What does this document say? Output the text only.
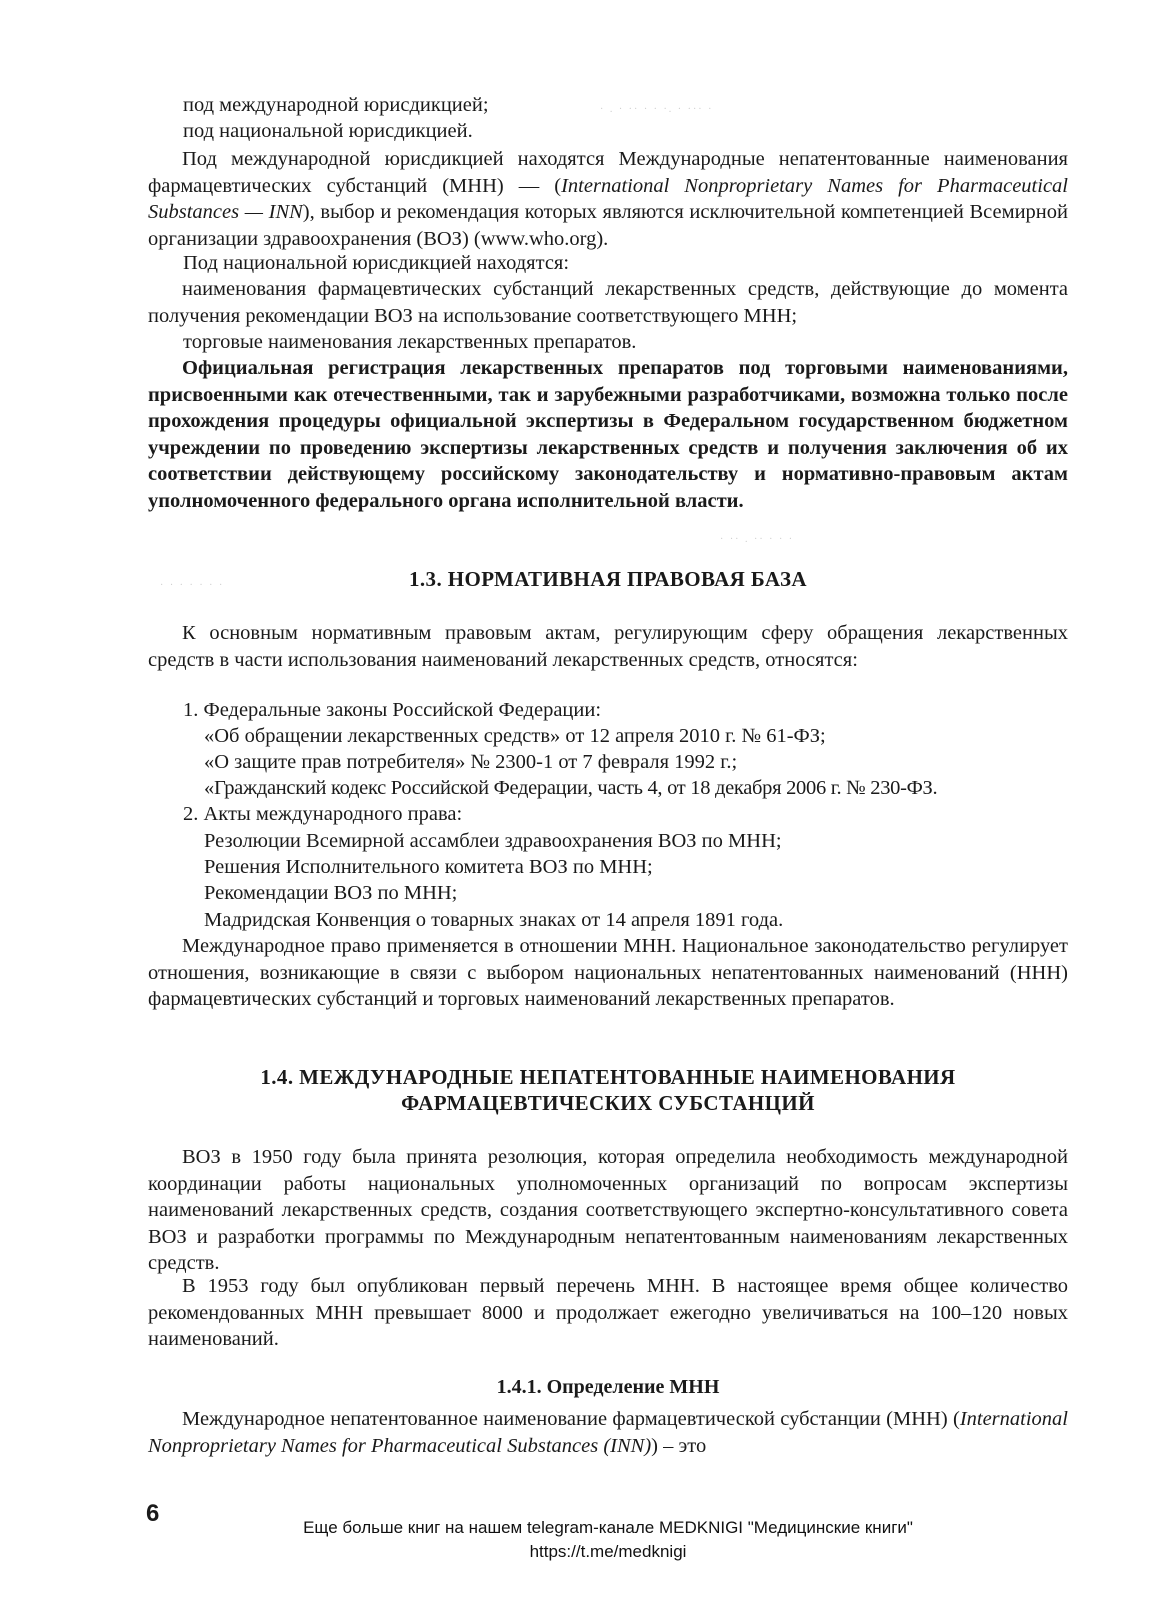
· . · ·· · · ·. · ··· ·
· ·· . ·· · · ·
· · · · · · ·

под международной юрисдикцией;

под национальной юрисдикцией.

Под международной юрисдикцией находятся Международные непатентованные наименования фармацевтических субстанций (МНН) — (International Nonproprietary Names for Pharmaceutical Substances — INN), выбор и рекомендация которых являются исключительной компетенцией Всемирной организации здравоохранения (ВОЗ) (www.who.org).

Под национальной юрисдикцией находятся:

наименования фармацевтических субстанций лекарственных средств, действующие до момента получения рекомендации ВОЗ на использование соответствующего МНН;

торговые наименования лекарственных препаратов.

Официальная регистрация лекарственных препаратов под торговыми наименованиями, присвоенными как отечественными, так и зарубежными разработчиками, возможна только после прохождения процедуры официальной экспертизы в Федеральном государственном бюджетном учреждении по проведению экспертизы лекарственных средств и получения заключения об их соответствии действующему российскому законодательству и нормативно-правовым актам уполномоченного федерального органа исполнительной власти.

1.3. НОРМАТИВНАЯ ПРАВОВАЯ БАЗА

К основным нормативным правовым актам, регулирующим сферу обращения лекарственных средств в части использования наименований лекарственных средств, относятся:

1. Федеральные законы Российской Федерации:

«Об обращении лекарственных средств» от 12 апреля 2010 г. № 61-ФЗ;

«О защите прав потребителя» № 2300-1 от 7 февраля 1992 г.;

«Гражданский кодекс Российской Федерации, часть 4, от 18 декабря 2006 г. № 230-ФЗ.

2. Акты международного права:

Резолюции Всемирной ассамблеи здравоохранения ВОЗ по МНН;

Решения Исполнительного комитета ВОЗ по МНН;

Рекомендации ВОЗ по МНН;

Мадридская Конвенция о товарных знаках от 14 апреля 1891 года.

Международное право применяется в отношении МНН. Национальное законодательство регулирует отношения, возникающие в связи с выбором национальных непатентованных наименований (ННН) фармацевтических субстанций и торговых наименований лекарственных препаратов.

1.4. МЕЖДУНАРОДНЫЕ НЕПАТЕНТОВАННЫЕ НАИМЕНОВАНИЯ
ФАРМАЦЕВТИЧЕСКИХ СУБСТАНЦИЙ

ВОЗ в 1950 году была принята резолюция, которая определила необходимость международной координации работы национальных уполномоченных организаций по вопросам экспертизы наименований лекарственных средств, создания соответствующего экспертно-консультативного совета ВОЗ и разработки программы по Международным непатентованным наименованиям лекарственных средств.

В 1953 году был опубликован первый перечень МНН. В настоящее время общее количество рекомендованных МНН превышает 8000 и продолжает ежегодно увеличиваться на 100–120 новых наименований.

1.4.1. Определение МНН

Международное непатентованное наименование фармацевтической субстанции (МНН) (International Nonproprietary Names for Pharmaceutical Substances (INN)) – это

6
Еще больше книг на нашем telegram-канале MEDKNIGI "Медицинские книги"
https://t.me/medknigi
